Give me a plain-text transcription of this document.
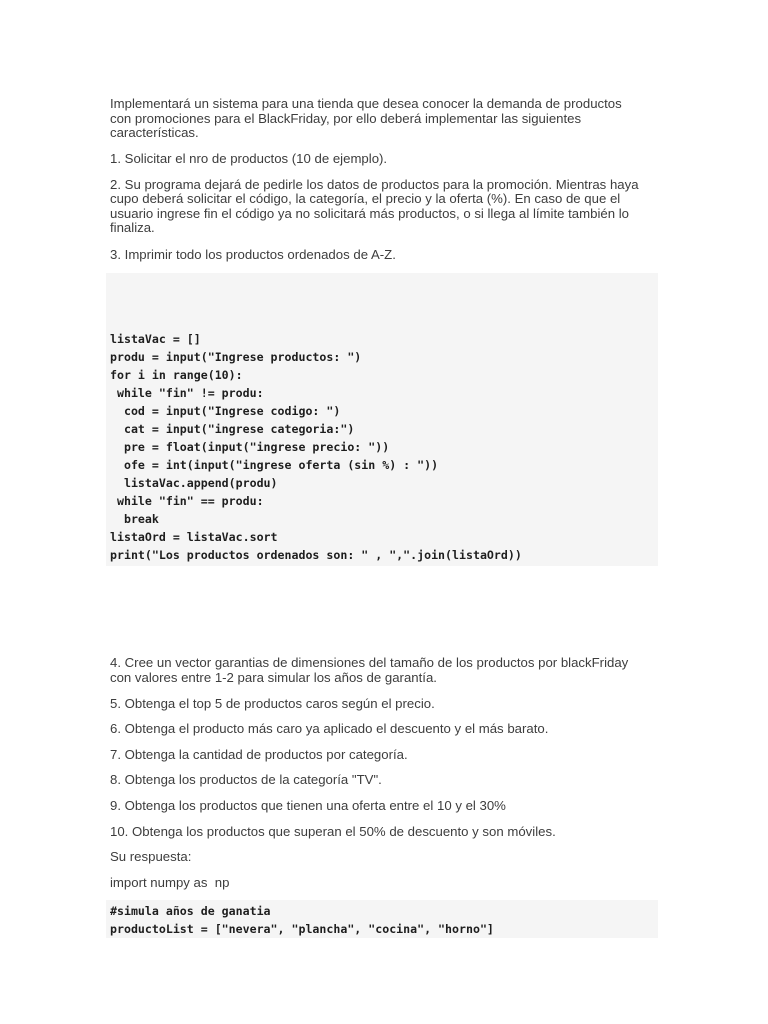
Implementará un sistema para una tienda que desea conocer la demanda de productos

con promociones para el BlackFriday, por ello deberá implementar las siguientes

características.

1. Solicitar el nro de productos (10 de ejemplo).

2. Su programa dejará de pedirle los datos de productos para la promoción. Mientras haya

cupo deberá solicitar el código, la categoría, el precio y la oferta (%). En caso de que el

usuario ingrese fin el código ya no solicitará más productos, o si llega al límite también lo

finaliza.

3. Imprimir todo los productos ordenados de A-Z.

listaVac = []
produ = input("Ingrese productos: ")
for i in range(10):
while "fin" != produ:
cod = input("Ingrese codigo: ")
cat = input("ingrese categoria:")
pre = float(input("ingrese precio: "))
ofe = int(input("ingrese oferta (sin %) : "))
listaVac.append(produ)
while "fin" == produ:
break
listaOrd = listaVac.sort
print("Los productos ordenados son: " , ",".join(listaOrd))

4. Cree un vector garantias de dimensiones del tamaño de los productos por blackFriday

con valores entre 1-2 para simular los años de garantía.

5. Obtenga el top 5 de productos caros según el precio.

6. Obtenga el producto más caro ya aplicado el descuento y el más barato.

7. Obtenga la cantidad de productos por categoría.

8. Obtenga los productos de la categoría "TV".

9. Obtenga los productos que tienen una oferta entre el 10 y el 30%

10. Obtenga los productos que superan el 50% de descuento y son móviles.

Su respuesta:

import numpy as  np

#simula años de ganatia
productoList = ["nevera", "plancha", "cocina", "horno"]
